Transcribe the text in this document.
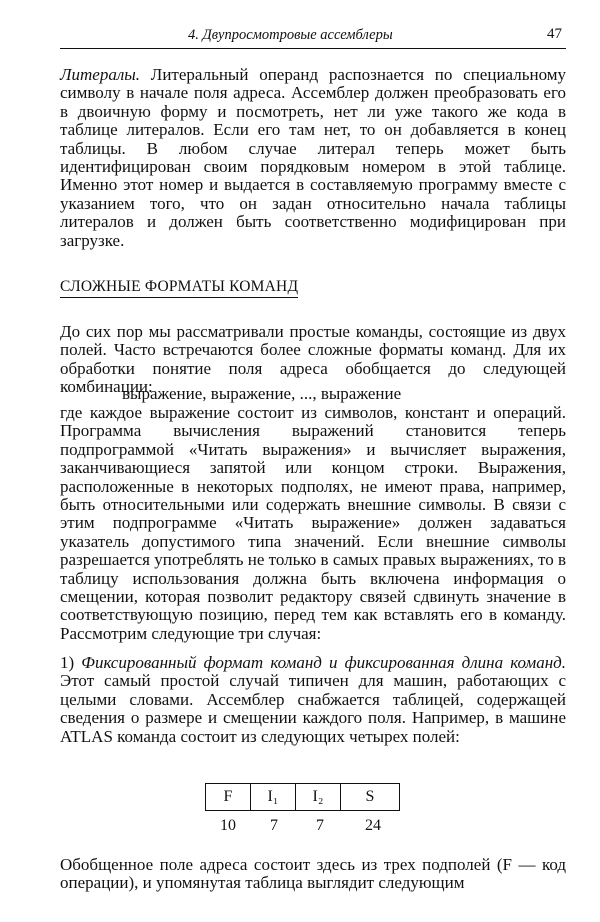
4. Двупросмотровые ассемблеры	47
Литералы. Литеральный операнд распознается по специальному символу в начале поля адреса. Ассемблер должен преобразовать его в двоичную форму и посмотреть, нет ли уже такого же кода в таблице литералов. Если его там нет, то он добавляется в конец таблицы. В любом случае литерал теперь может быть идентифицирован своим порядковым номером в этой таблице. Именно этот номер и выдается в составляемую программу вместе с указанием того, что он задан относительно начала таблицы литералов и должен быть соответственно модифицирован при загрузке.
СЛОЖНЫЕ ФОРМАТЫ КОМАНД
До сих пор мы рассматривали простые команды, состоящие из двух полей. Часто встречаются более сложные форматы команд. Для их обработки понятие поля адреса обобщается до следующей комбинации:
выражение, выражение, ..., выражение
где каждое выражение состоит из символов, констант и операций. Программа вычисления выражений становится теперь подпрограммой «Читать выражения» и вычисляет выражения, заканчивающиеся запятой или концом строки. Выражения, расположенные в некоторых подполях, не имеют права, например, быть относительными или содержать внешние символы. В связи с этим подпрограмме «Читать выражение» должен задаваться указатель допустимого типа значений. Если внешние символы разрешается употреблять не только в самых правых выражениях, то в таблицу использования должна быть включена информация о смещении, которая позволит редактору связей сдвинуть значение в соответствующую позицию, перед тем как вставлять его в команду. Рассмотрим следующие три случая:
1) Фиксированный формат команд и фиксированная длина команд. Этот самый простой случай типичен для машин, работающих с целыми словами. Ассемблер снабжается таблицей, содержащей сведения о размере и смещении каждого поля. Например, в машине ATLAS команда состоит из следующих четырех полей:
F	I₁	I₂	S
10	7	7	24
Обобщенное поле адреса состоит здесь из трех подполей (F — код операции), и упомянутая таблица выглядит следующим
